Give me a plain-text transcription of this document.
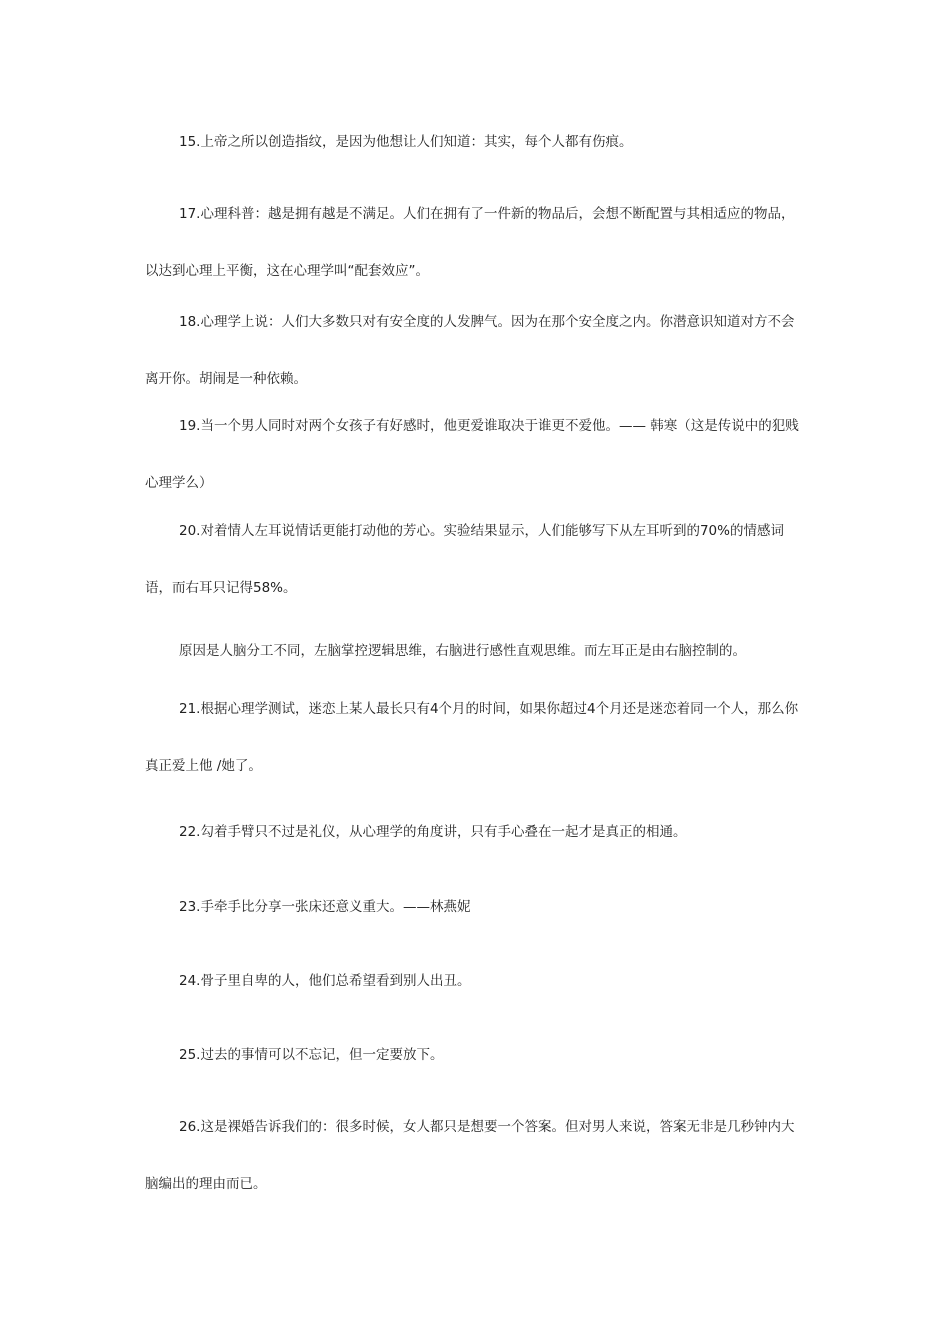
15.上帝之所以创造指纹，是因为他想让人们知道：其实，每个人都有伤痕。

17.心理科普：越是拥有越是不满足。人们在拥有了一件新的物品后，会想不断配置与其相适应的物品，以达到心理上平衡，这在心理学叫“配套效应”。

18.心理学上说：人们大多数只对有安全度的人发脾气。因为在那个安全度之内。你潜意识知道对方不会离开你。胡闹是一种依赖。

19.当一个男人同时对两个女孩子有好感时，他更爱谁取决于谁更不爱他。—— 韩寒（这是传说中的犯贱心理学么）

20.对着情人左耳说情话更能打动他的芳心。实验结果显示，人们能够写下从左耳听到的70%的情感词语，而右耳只记得58%。

原因是人脑分工不同，左脑掌控逻辑思维，右脑进行感性直观思维。而左耳正是由右脑控制的。

21.根据心理学测试，迷恋上某人最长只有4个月的时间，如果你超过4个月还是迷恋着同一个人，那么你真正爱上他 /她了。

22.勾着手臂只不过是礼仪，从心理学的角度讲，只有手心叠在一起才是真正的相通。

23.手牵手比分享一张床还意义重大。——林燕妮

24.骨子里自卑的人，他们总希望看到别人出丑。

25.过去的事情可以不忘记，但一定要放下。

26.这是裸婚告诉我们的：很多时候，女人都只是想要一个答案。但对男人来说，答案无非是几秒钟内大脑编出的理由而已。
